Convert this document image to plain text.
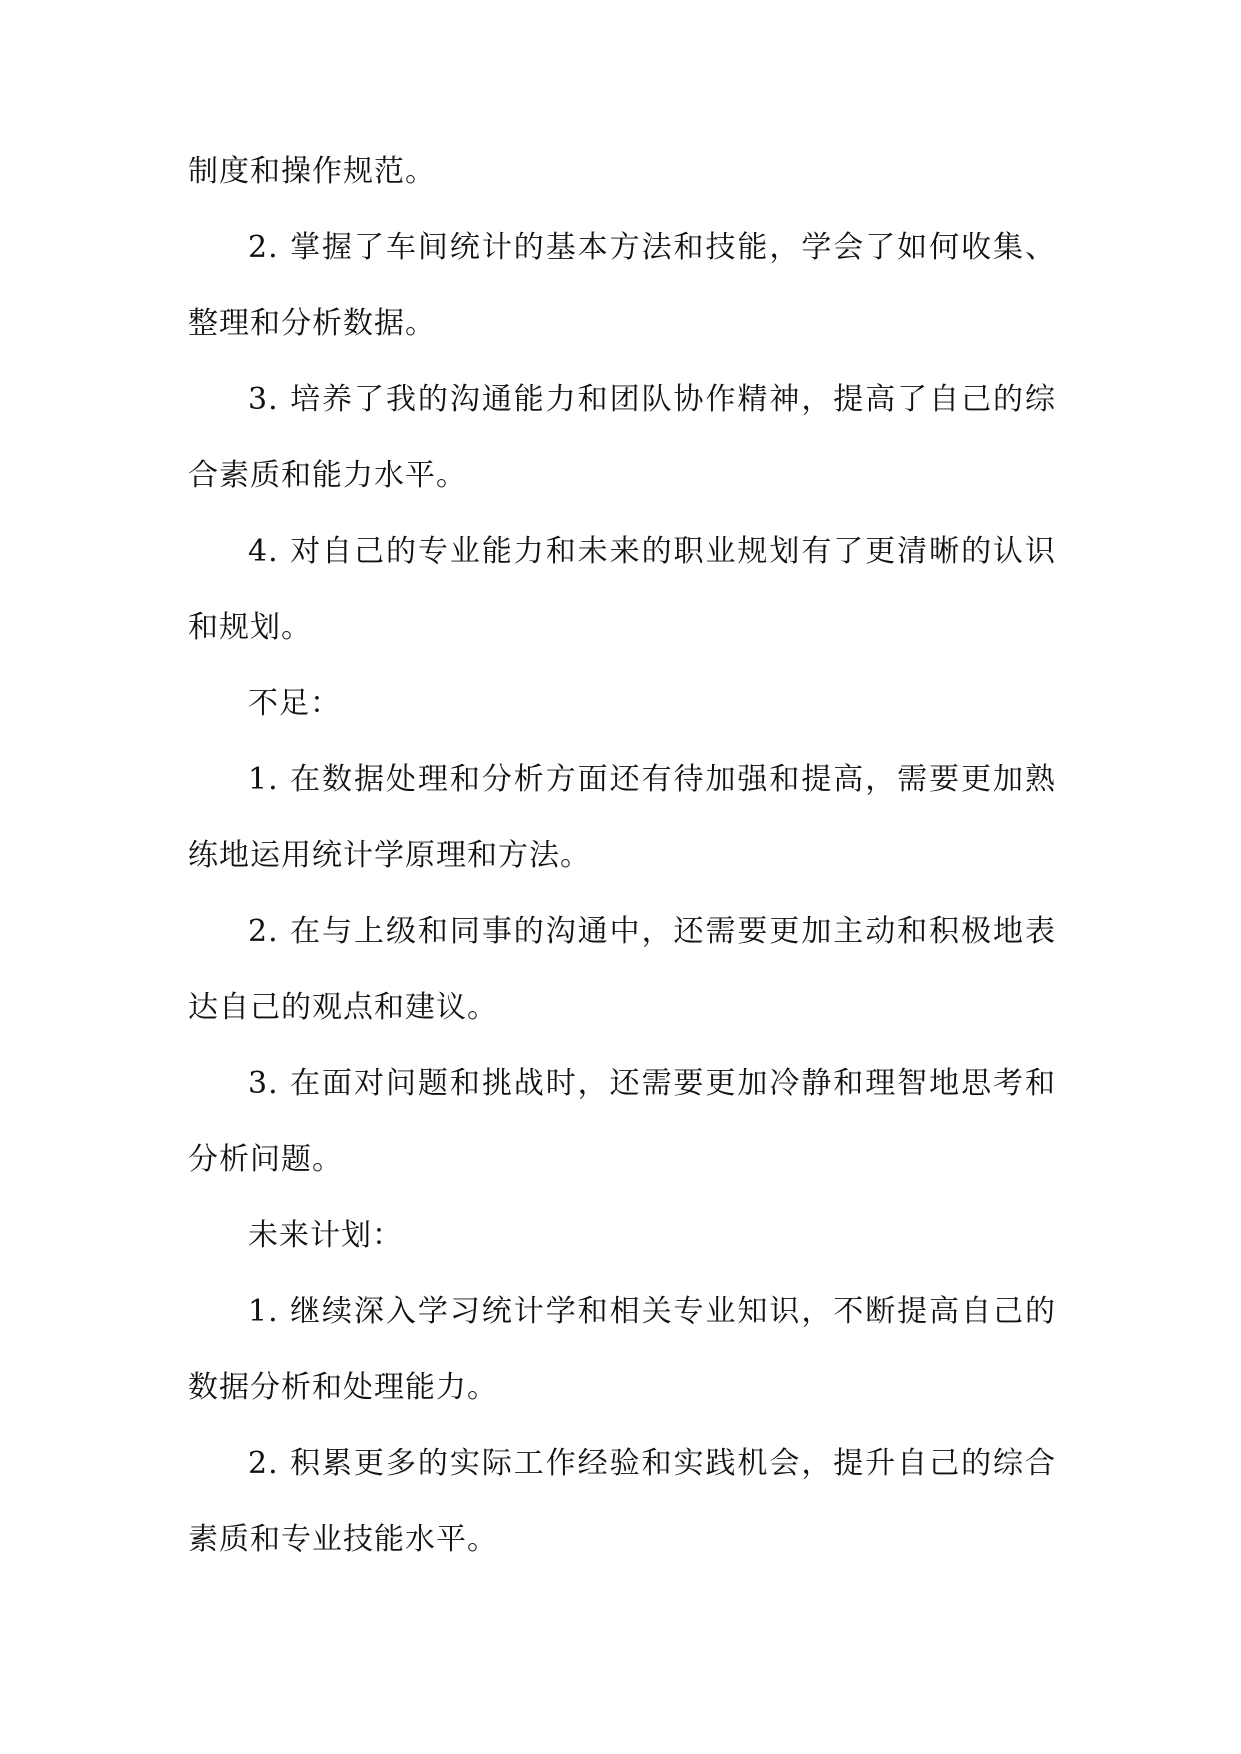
制度和操作规范。

2. 掌握了车间统计的基本方法和技能，学会了如何收集、整理和分析数据。

3. 培养了我的沟通能力和团队协作精神，提高了自己的综合素质和能力水平。

4. 对自己的专业能力和未来的职业规划有了更清晰的认识和规划。

不足：

1. 在数据处理和分析方面还有待加强和提高，需要更加熟练地运用统计学原理和方法。

2. 在与上级和同事的沟通中，还需要更加主动和积极地表达自己的观点和建议。

3. 在面对问题和挑战时，还需要更加冷静和理智地思考和分析问题。

未来计划：

1. 继续深入学习统计学和相关专业知识，不断提高自己的数据分析和处理能力。

2. 积累更多的实际工作经验和实践机会，提升自己的综合素质和专业技能水平。
